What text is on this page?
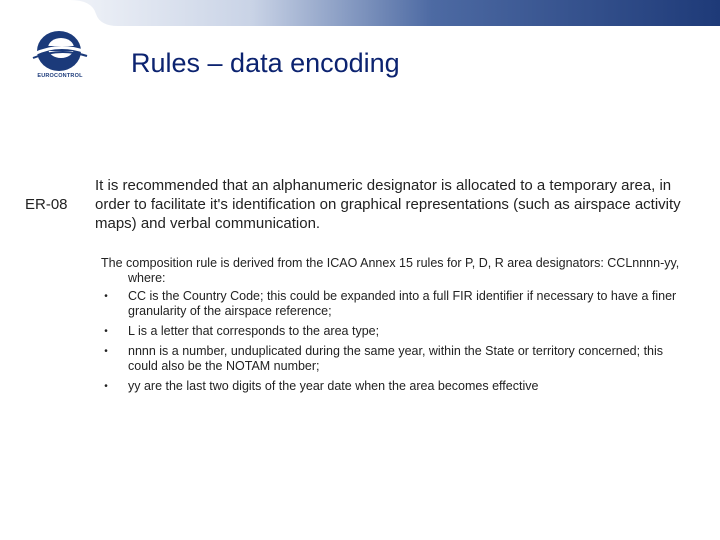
EUROCONTROL Rules – data encoding
ER-08
It is recommended that an alphanumeric designator is allocated to a temporary area, in order to facilitate it's identification on graphical representations (such as airspace activity maps) and verbal communication.

The composition rule is derived from the ICAO Annex 15 rules for P, D, R area designators: CCLnnnn-yy, where:

• CC is the Country Code; this could be expanded into a full FIR identifier if necessary to have a finer granularity of the airspace reference;
• L is a letter that corresponds to the area type;
• nnnn is a number, unduplicated during the same year, within the State or territory concerned; this could also be the NOTAM number;
• yy are the last two digits of the year date when the area becomes effective
